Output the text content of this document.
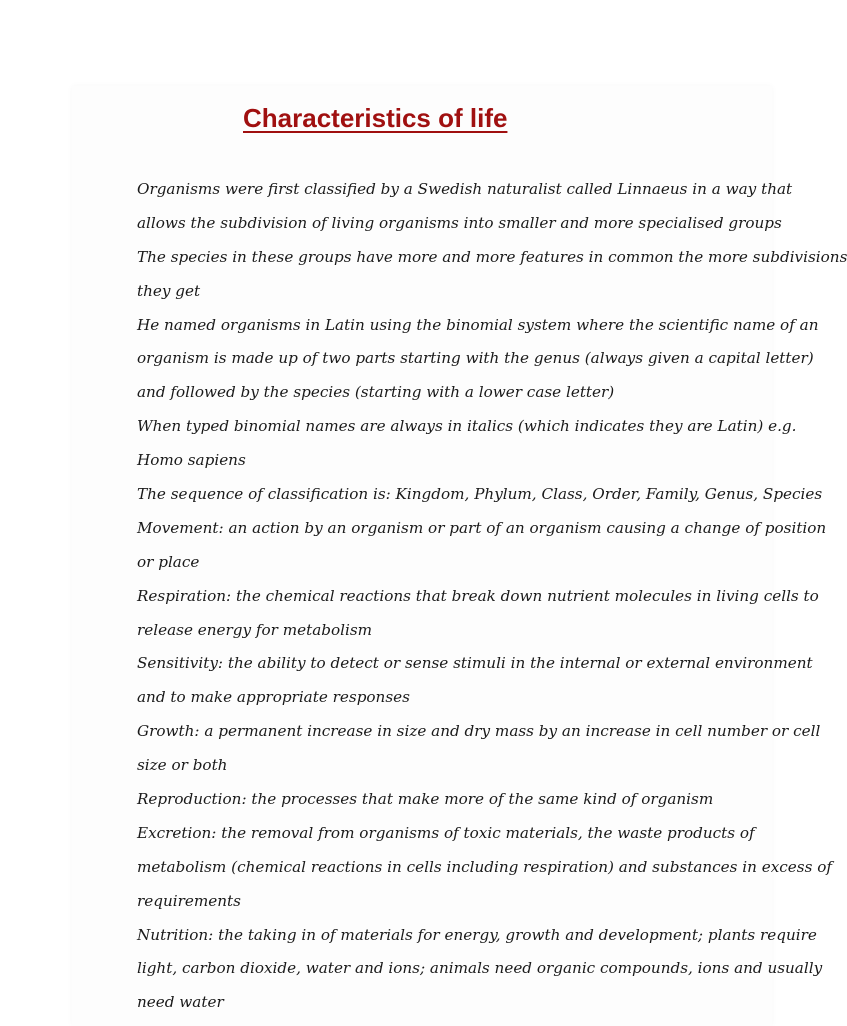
Characteristics of life
Organisms were first classified by a Swedish naturalist called Linnaeus in a way that
allows the subdivision of living organisms into smaller and more specialised groups
The species in these groups have more and more features in common the more subdivisions
they get
He named organisms in Latin using the binomial system where the scientific name of an
organism is made up of two parts starting with the genus (always given a capital letter)
and followed by the species (starting with a lower case letter)
When typed binomial names are always in italics (which indicates they are Latin) e.g.
Homo sapiens
The sequence of classification is: Kingdom, Phylum, Class, Order, Family, Genus, Species
Movement: an action by an organism or part of an organism causing a change of position
or place
Respiration: the chemical reactions that break down nutrient molecules in living cells to
release energy for metabolism
Sensitivity: the ability to detect or sense stimuli in the internal or external environment
and to make appropriate responses
Growth: a permanent increase in size and dry mass by an increase in cell number or cell
size or both
Reproduction: the processes that make more of the same kind of organism
Excretion: the removal from organisms of toxic materials, the waste products of
metabolism (chemical reactions in cells including respiration) and substances in excess of
requirements
Nutrition: the taking in of materials for energy, growth and development; plants require
light, carbon dioxide, water and ions; animals need organic compounds, ions and usually
need water
